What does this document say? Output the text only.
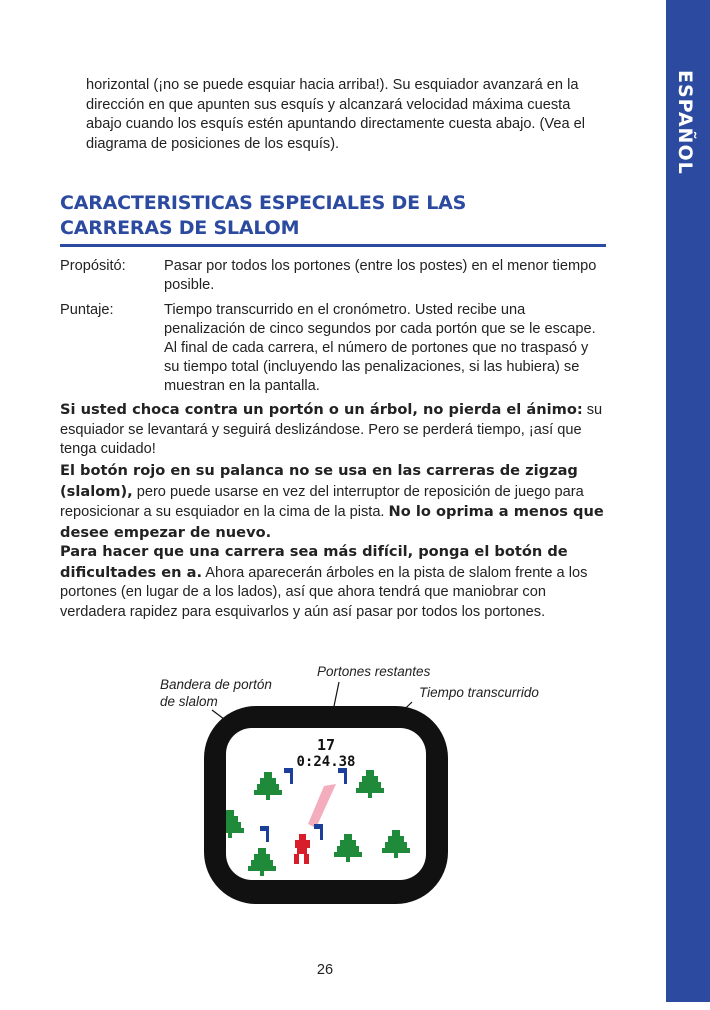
ESPAÑOL

horizontal (¡no se puede esquiar hacia arriba!). Su esquiador avanzará en la dirección en que apunten sus esquís y alcanzará velocidad máxima cuesta abajo cuando los esquís estén apuntando directamente cuesta abajo. (Vea el diagrama de posiciones de los esquís).

CARACTERISTICAS ESPECIALES DE LAS
CARRERAS DE SLALOM
Propósitó:	Pasar por todos los portones (entre los postes) en el menor tiempo posible.
Puntaje:	Tiempo transcurrido en el cronómetro. Usted recibe una penalización de cinco segundos por cada portón que se le escape. Al final de cada carrera, el número de portones que no traspasó y su tiempo total (incluyendo las penalizaciones, si las hubiera) se muestran en la pantalla.

Si usted choca contra un portón o un árbol, no pierda el ánimo: su esquiador se levantará y seguirá deslizándose. Pero se perderá tiempo, ¡así que tenga cuidado!

El botón rojo en su palanca no se usa en las carreras de zigzag (slalom), pero puede usarse en vez del interruptor de reposición de juego para reposicionar a su esquiador en la cima de la pista. No lo oprima a menos que desee empezar de nuevo.

Para hacer que una carrera sea más difícil, ponga el botón de dificultades en a. Ahora aparecerán árboles en la pista de slalom frente a los portones (en lugar de a los lados), así que ahora tendrá que maniobrar con verdadera rapidez para esquivarlos y aún así pasar por todos los portones.

Bandera de portón
de slalom
Portones restantes
Tiempo transcurrido
17
0:24.38
26
